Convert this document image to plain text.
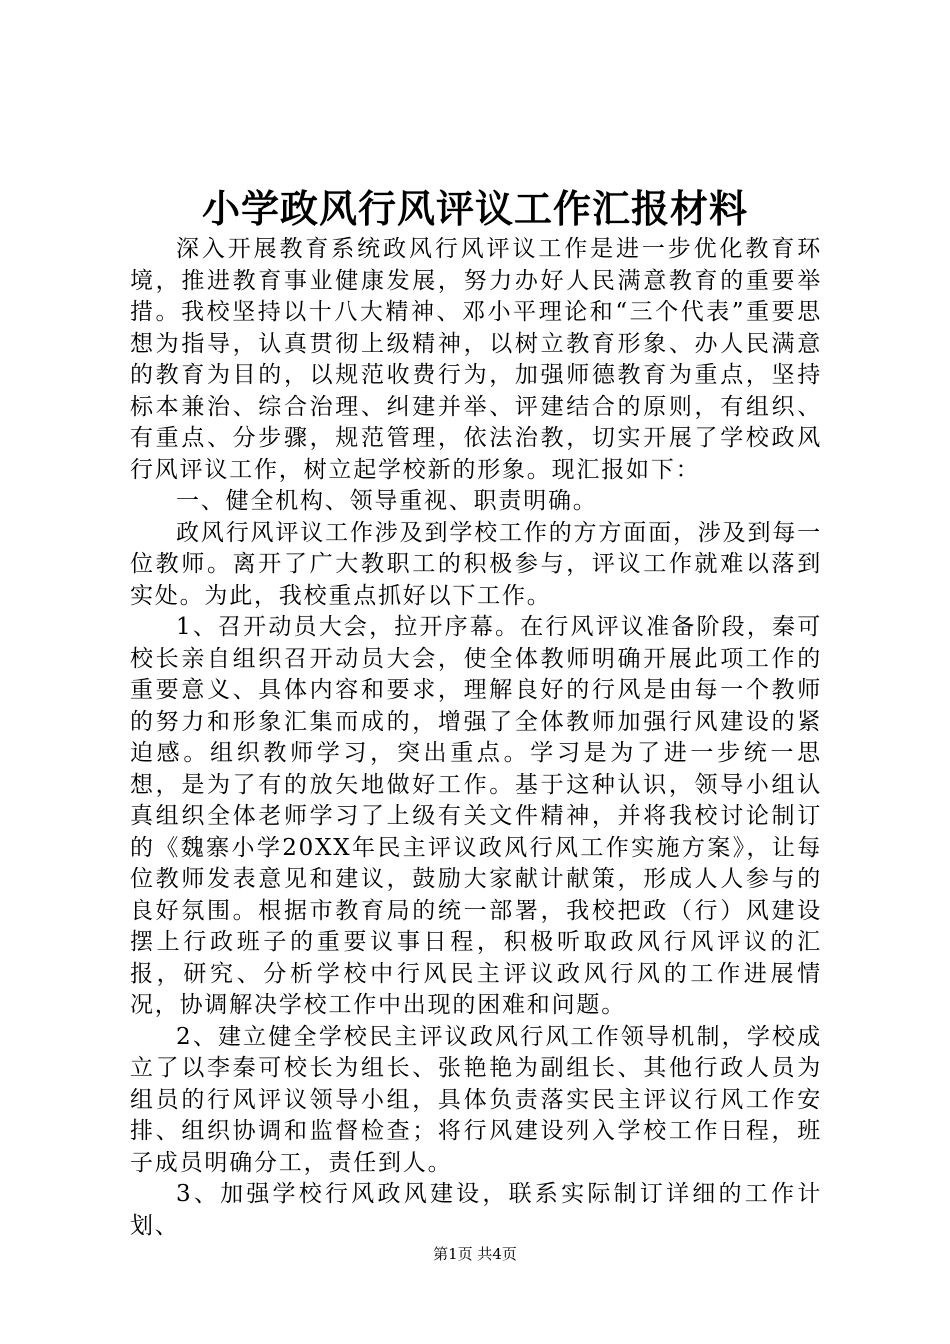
小学政风行风评议工作汇报材料

深入开展教育系统政风行风评议工作是进一步优化教育环境，推进教育事业健康发展，努力办好人民满意教育的重要举措。我校坚持以十八大精神、邓小平理论和“三个代表”重要思想为指导，认真贯彻上级精神，以树立教育形象、办人民满意的教育为目的，以规范收费行为，加强师德教育为重点，坚持标本兼治、综合治理、纠建并举、评建结合的原则，有组织、有重点、分步骤，规范管理，依法治教，切实开展了学校政风行风评议工作，树立起学校新的形象。现汇报如下：

一、健全机构、领导重视、职责明确。

政风行风评议工作涉及到学校工作的方方面面，涉及到每一位教师。离开了广大教职工的积极参与，评议工作就难以落到实处。为此，我校重点抓好以下工作。

1、召开动员大会，拉开序幕。在行风评议准备阶段，秦可校长亲自组织召开动员大会，使全体教师明确开展此项工作的重要意义、具体内容和要求，理解良好的行风是由每一个教师的努力和形象汇集而成的，增强了全体教师加强行风建设的紧迫感。组织教师学习，突出重点。学习是为了进一步统一思想，是为了有的放矢地做好工作。基于这种认识，领导小组认真组织全体老师学习了上级有关文件精神，并将我校讨论制订的《魏寨小学20XX年民主评议政风行风工作实施方案》，让每位教师发表意见和建议，鼓励大家献计献策，形成人人参与的良好氛围。根据市教育局的统一部署，我校把政（行）风建设摆上行政班子的重要议事日程，积极听取政风行风评议的汇报，研究、分析学校中行风民主评议政风行风的工作进展情况，协调解决学校工作中出现的困难和问题。

2、建立健全学校民主评议政风行风工作领导机制，学校成立了以李秦可校长为组长、张艳艳为副组长、其他行政人员为组员的行风评议领导小组，具体负责落实民主评议行风工作安排、组织协调和监督检查；将行风建设列入学校工作日程，班子成员明确分工，责任到人。

3、加强学校行风政风建设，联系实际制订详细的工作计划、

第1页 共4页
